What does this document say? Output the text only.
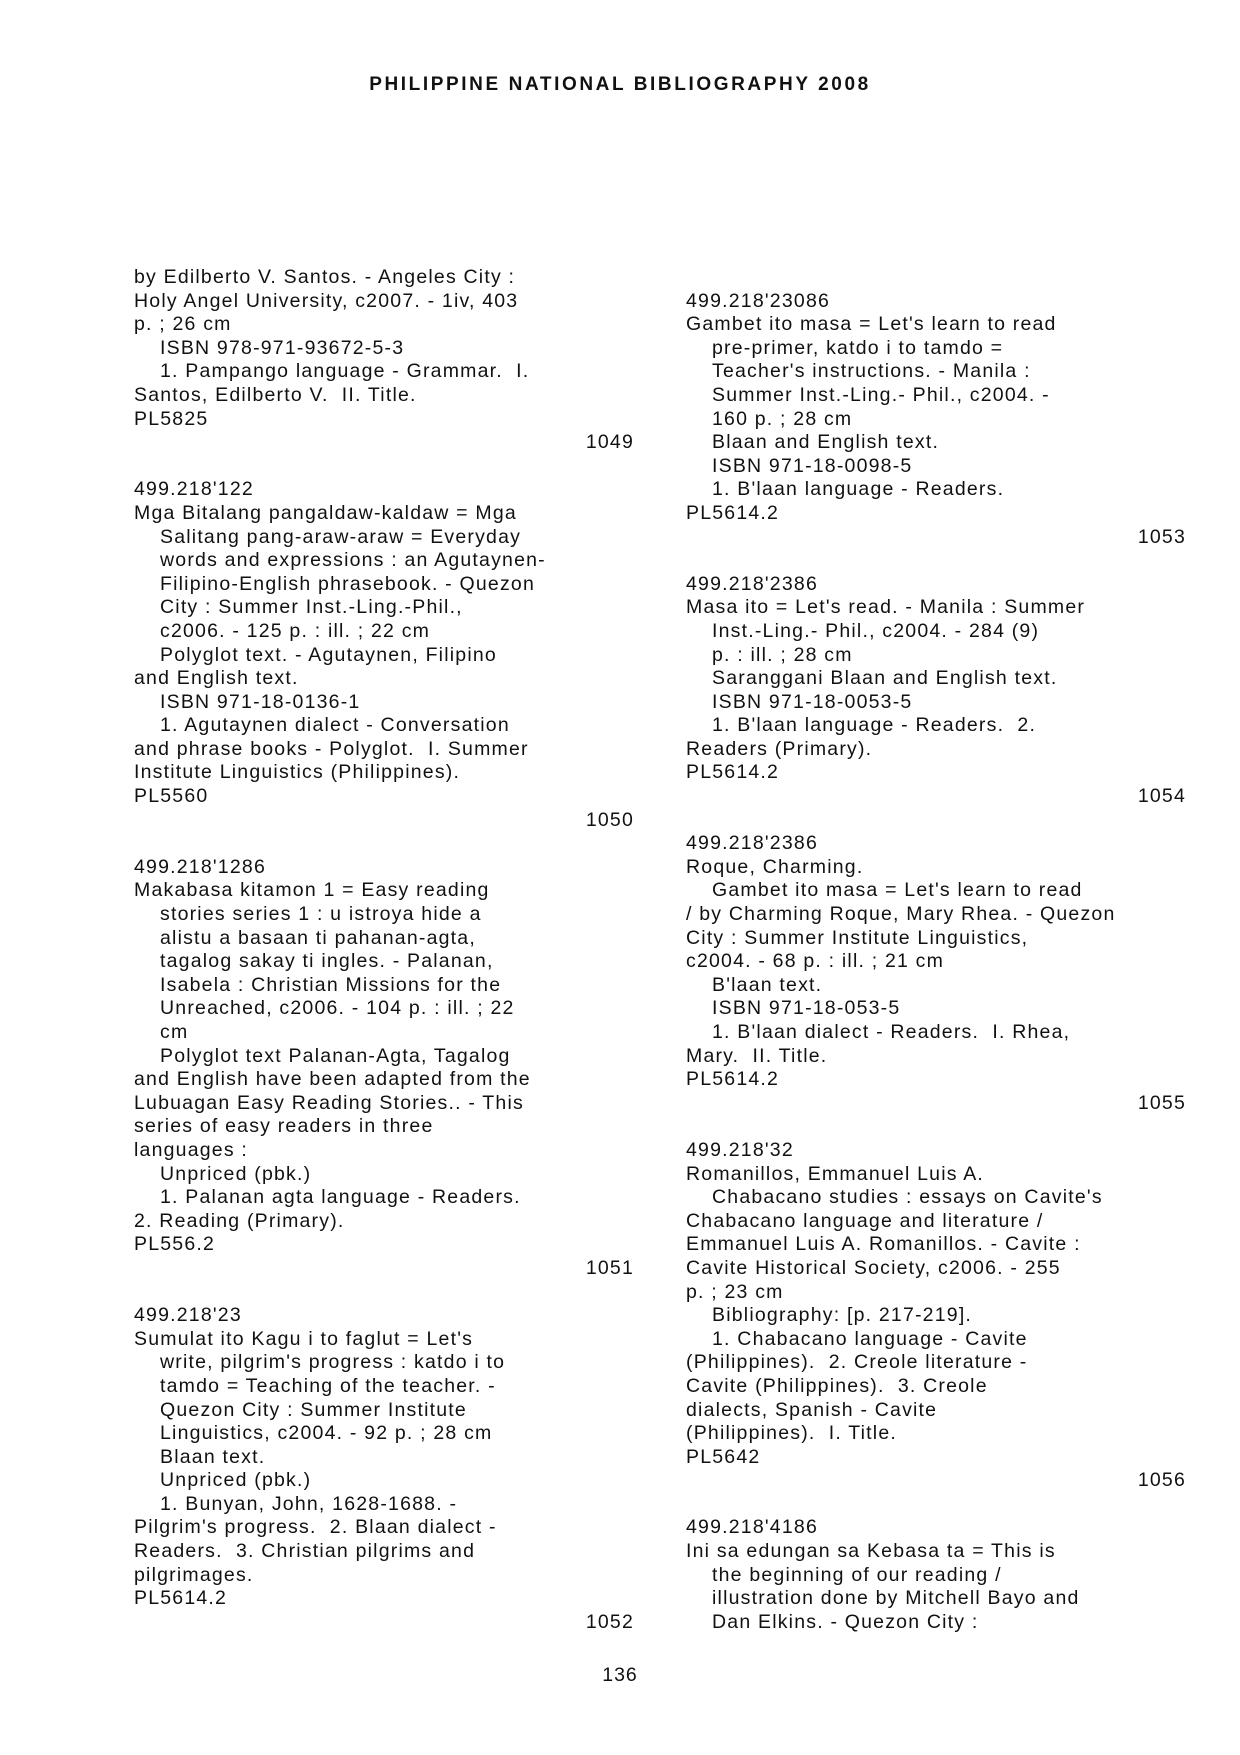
PHILIPPINE NATIONAL BIBLIOGRAPHY 2008
by Edilberto V. Santos. - Angeles City :
Holy Angel University, c2007. - 1iv, 403
p. ; 26 cm
ISBN 978-971-93672-5-3
1. Pampango language - Grammar.  I.
Santos, Edilberto V.  II. Title.
PL5825
1049
499.218'122
Mga Bitalang pangaldaw-kaldaw = Mga
Salitang pang-araw-araw = Everyday
words and expressions : an Agutaynen-
Filipino-English phrasebook. - Quezon
City : Summer Inst.-Ling.-Phil.,
c2006. - 125 p. : ill. ; 22 cm
Polyglot text. - Agutaynen, Filipino
and English text.
ISBN 971-18-0136-1
1. Agutaynen dialect - Conversation
and phrase books - Polyglot.  I. Summer
Institute Linguistics (Philippines).
PL5560
1050
499.218'1286
Makabasa kitamon 1 = Easy reading
stories series 1 : u istroya hide a
alistu a basaan ti pahanan-agta,
tagalog sakay ti ingles. - Palanan,
Isabela : Christian Missions for the
Unreached, c2006. - 104 p. : ill. ; 22
cm
Polyglot text Palanan-Agta, Tagalog
and English have been adapted from the
Lubuagan Easy Reading Stories.. - This
series of easy readers in three
languages :
Unpriced (pbk.)
1. Palanan agta language - Readers.
2. Reading (Primary).
PL556.2
1051
499.218'23
Sumulat ito Kagu i to faglut = Let's
write, pilgrim's progress : katdo i to
tamdo = Teaching of the teacher. -
Quezon City : Summer Institute
Linguistics, c2004. - 92 p. ; 28 cm
Blaan text.
Unpriced (pbk.)
1. Bunyan, John, 1628-1688. -
Pilgrim's progress.  2. Blaan dialect -
Readers.  3. Christian pilgrims and
pilgrimages.
PL5614.2
1052
499.218'23086
Gambet ito masa = Let's learn to read
pre-primer, katdo i to tamdo =
Teacher's instructions. - Manila :
Summer Inst.-Ling.- Phil., c2004. -
160 p. ; 28 cm
Blaan and English text.
ISBN 971-18-0098-5
1. B'laan language - Readers.
PL5614.2
1053
499.218'2386
Masa ito = Let's read. - Manila : Summer
Inst.-Ling.- Phil., c2004. - 284 (9)
p. : ill. ; 28 cm
Saranggani Blaan and English text.
ISBN 971-18-0053-5
1. B'laan language - Readers.  2.
Readers (Primary).
PL5614.2
1054
499.218'2386
Roque, Charming.
Gambet ito masa = Let's learn to read
/ by Charming Roque, Mary Rhea. - Quezon
City : Summer Institute Linguistics,
c2004. - 68 p. : ill. ; 21 cm
B'laan text.
ISBN 971-18-053-5
1. B'laan dialect - Readers.  I. Rhea,
Mary.  II. Title.
PL5614.2
1055
499.218'32
Romanillos, Emmanuel Luis A.
Chabacano studies : essays on Cavite's
Chabacano language and literature /
Emmanuel Luis A. Romanillos. - Cavite :
Cavite Historical Society, c2006. - 255
p. ; 23 cm
Bibliography: [p. 217-219].
1. Chabacano language - Cavite
(Philippines).  2. Creole literature -
Cavite (Philippines).  3. Creole
dialects, Spanish - Cavite
(Philippines).  I. Title.
PL5642
1056
499.218'4186
Ini sa edungan sa Kebasa ta = This is
the beginning of our reading /
illustration done by Mitchell Bayo and
Dan Elkins. - Quezon City :
136
